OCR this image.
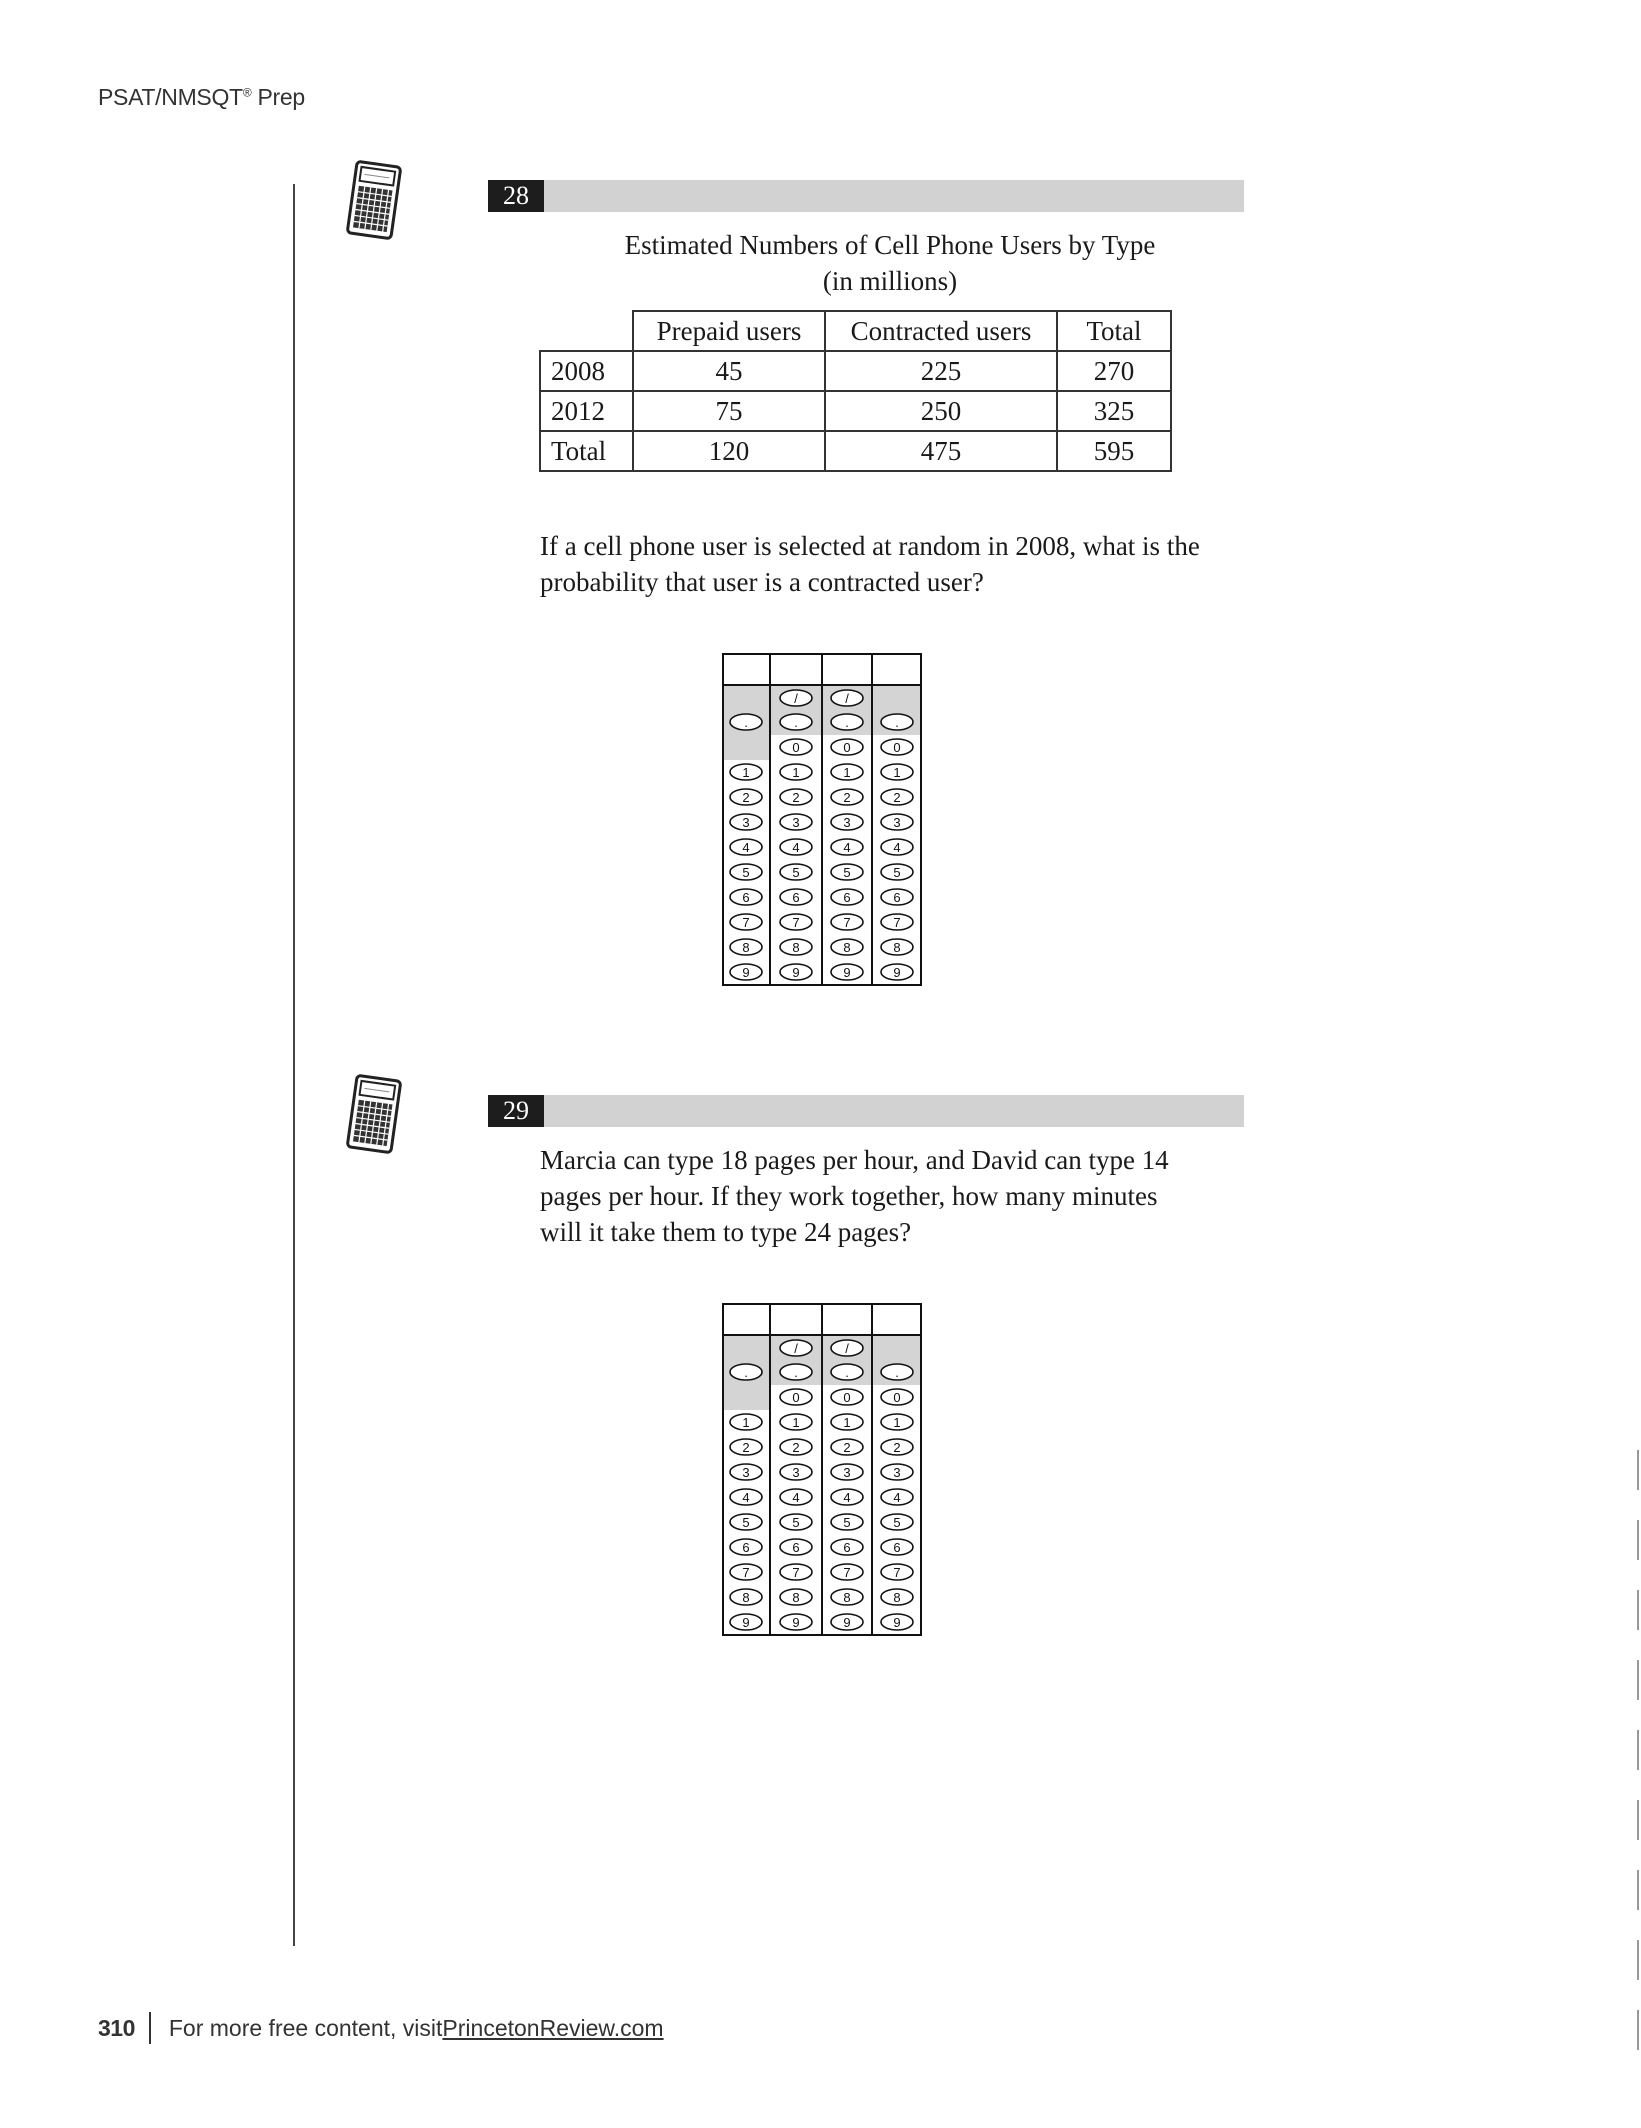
PSAT/NMSQT® Prep
28
Estimated Numbers of Cell Phone Users by Type
(in millions)
	Prepaid users	Contracted users	Total
2008	45	225	270
2012	75	250	325
Total	120	475	595
If a cell phone user is selected at random in 2008, what is the
probability that user is a contracted user?
.
1
2
3
4
5
6
7
8
9
/
.
0
1
2
3
4
5
6
7
8
9
/
.
0
1
2
3
4
5
6
7
8
9
.
0
1
2
3
4
5
6
7
8
9
29
Marcia can type 18 pages per hour, and David can type 14
pages per hour. If they work together, how many minutes
will it take them to type 24 pages?
.
1
2
3
4
5
6
7
8
9
/
.
0
1
2
3
4
5
6
7
8
9
/
.
0
1
2
3
4
5
6
7
8
9
.
0
1
2
3
4
5
6
7
8
9
310 For more free content, visit PrincetonReview.com
